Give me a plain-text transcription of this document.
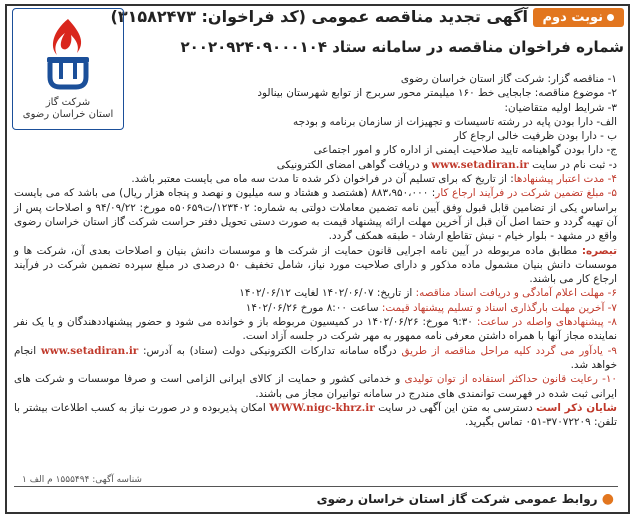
نوبت دوم
آگهی تجدید مناقصه عمومی (کد فراخوان: ۳۱۵۸۲۴۷۳)
شماره فراخوان مناقصه در سامانه ستاد ۲۰۰۲۰۹۲۴۰۹۰۰۰۱۰۴
شرکت گاز
استان خراسان رضوی

۱- مناقصه گزار: شرکت گاز استان خراسان رضوی

۲- موضوع مناقصه: جابجایی خط ۱۶۰ میلیمتر محور سربرج از توابع شهرستان بینالود

۳- شرایط اولیه متقاضیان:

الف- دارا بودن پایه در رشته تاسیسات و تجهیزات از سازمان برنامه و بودجه

ب - دارا بودن ظرفیت خالی ارجاع کار

ج- دارا بودن گواهینامه تایید صلاحیت ایمنی از اداره کار و امور اجتماعی

د- ثبت نام در سایت www.setadiran.ir و دریافت گواهی امضای الکترونیکی

۴- مدت اعتبار پیشنهادها: از تاریخ که برای تسلیم آن در فراخوان ذکر شده تا مدت سه ماه می بایست معتبر باشد.

۵- مبلغ تضمین شرکت در فرآیند ارجاع کار: ۸۸۳،۹۵۰،۰۰۰ (هشتصد و هشتاد و سه میلیون و نهصد و پنجاه هزار ریال) می باشد که می بایست براساس یکی از تضامین قابل قبول وفق آیین نامه تضمین معاملات دولتی به شماره: ۱۲۳۴۰۲/ت۵۰۶۵۹ه مورخ: ۹۴/۰۹/۲۲ و اصلاحات پس از آن تهیه گردد و حتما اصل آن قبل از آخرین مهلت ارائه پیشنهاد قیمت به صورت دستی تحویل دفتر حراست شرکت گاز استان خراسان رضوی واقع در مشهد - بلوار خیام - نبش تقاطع ارشاد - طبقه همکف گردد.

تبصره: مطابق ماده مربوطه در آیین نامه اجرایی قانون حمایت از شرکت ها و موسسات دانش بنیان و اصلاحات بعدی آن، شرکت ها و موسسات دانش بنیان مشمول ماده مذکور و دارای صلاحیت مورد نیاز، شامل تخفیف ۵۰ درصدی در مبلغ سپرده تضمین شرکت در فرآیند ارجاع کار می باشند.

۶- مهلت اعلام آمادگی و دریافت اسناد مناقصه: از تاریخ: ۱۴۰۲/۰۶/۰۷ لغایت ۱۴۰۲/۰۶/۱۲

۷- آخرین مهلت بارگذاری اسناد و تسلیم پیشنهاد قیمت: ساعت ۸:۰۰ مورخ ۱۴۰۲/۰۶/۲۶

۸- پیشنهادهای واصله در ساعت: ۹:۳۰ مورخ: ۱۴۰۲/۰۶/۲۶ در کمیسیون مربوطه باز و خوانده می شود و حضور پیشنهاددهندگان و یا یک نفر نماینده مجاز آنها با همراه داشتن معرفی نامه ممهور به مهر شرکت در جلسه آزاد است.

۹- یادآور می گردد کلیه مراحل مناقصه از طریق درگاه سامانه تدارکات الکترونیکی دولت (ستاد) به آدرس: www.setadiran.ir انجام خواهد شد.

۱۰- رعایت قانون حداکثر استفاده از توان تولیدی و خدماتی کشور و حمایت از کالای ایرانی الزامی است و صرفا موسسات و شرکت های ایرانی ثبت شده در فهرست توانمندی های مندرج در سامانه توانیران مجاز می باشند.

شایان ذکر است دسترسی به متن این آگهی در سایت WWW.nigc-khrz.ir امکان پذیربوده و در صورت نیاز به کسب اطلاعات بیشتر با تلفن: ۳۷۰۷۲۲۰۹-۰۵۱ تماس بگیرید.

● روابط عمومی شرکت گاز استان خراسان رضوی
شناسه آگهی: ۱۵۵۵۴۹۴ م الف ۱
